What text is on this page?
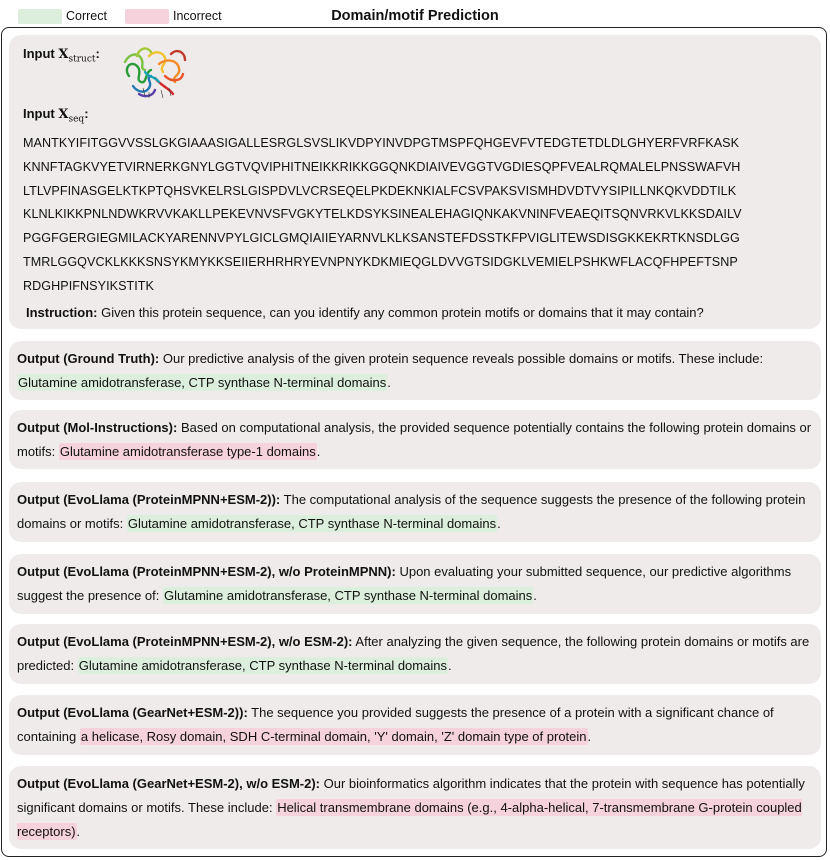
Correct	Incorrect	Domain/motif Prediction
Input $X_{struct}$:
Input $X_{seq}$:
MANTKYIFITGGVVSSLGKGIAAASIGALLESRGLSVSLIKVDPYINVDPGTMSPFQHGEVFVTEDGTETDLDLGHYERFVRFKASK
KNNFTAGKVYETVIRNERKGNYLGGTVQVIPHITNEIKKRIKKGGQNKDIAIVEVGGTVGDIESQPFVEALRQMALELPNSSWAFVH
LTLVPFINASGELKTKPTQHSVKELRSLGISPDVLVCRSEQELPKDEKNKIALFCSVPAKSVISMHDVDTVYSIPILLNKQKVDDTILK
KLNLKIKKPNLNDWKRVVKAKLLPEKEVNVSFVGKYTELKDSYKSINEALEHAGIQNKAKVNINFVEAEQITSQNVRKVLKKSDAILV
PGGFGERGIEGMILACKYARENNVPYLGICLGMQIAIIEYARNVLKLKSANSTEFDSSTKFPVIGLITEWSDISGKKEKRTKNSDLGG
TMRLGGQVCKLKKKSNSYKMYKKSEIIERHRHRYEVNPNYKDKMIEQGLDVVGTSIDGKLVEMIELPSHKWFLACQFHPEFTSNP
RDGHPIFNSYIKSTITK
Instruction: Given this protein sequence, can you identify any common protein motifs or domains that it may contain?
Output (Ground Truth): Our predictive analysis of the given protein sequence reveals possible domains or motifs. These include: Glutamine amidotransferase, CTP synthase N-terminal domains.
Output (Mol-Instructions): Based on computational analysis, the provided sequence potentially contains the following protein domains or motifs: Glutamine amidotransferase type-1 domains.
Output (EvoLlama (ProteinMPNN+ESM-2)): The computational analysis of the sequence suggests the presence of the following protein domains or motifs: Glutamine amidotransferase, CTP synthase N-terminal domains.
Output (EvoLlama (ProteinMPNN+ESM-2), w/o ProteinMPNN): Upon evaluating your submitted sequence, our predictive algorithms suggest the presence of: Glutamine amidotransferase, CTP synthase N-terminal domains.
Output (EvoLlama (ProteinMPNN+ESM-2), w/o ESM-2): After analyzing the given sequence, the following protein domains or motifs are predicted: Glutamine amidotransferase, CTP synthase N-terminal domains.
Output (EvoLlama (GearNet+ESM-2)): The sequence you provided suggests the presence of a protein with a significant chance of containing a helicase, Rosy domain, SDH C-terminal domain, 'Y' domain, 'Z' domain type of protein.
Output (EvoLlama (GearNet+ESM-2), w/o ESM-2): Our bioinformatics algorithm indicates that the protein with sequence has potentially significant domains or motifs. These include: Helical transmembrane domains (e.g., 4-alpha-helical, 7-transmembrane G-protein coupled receptors).
